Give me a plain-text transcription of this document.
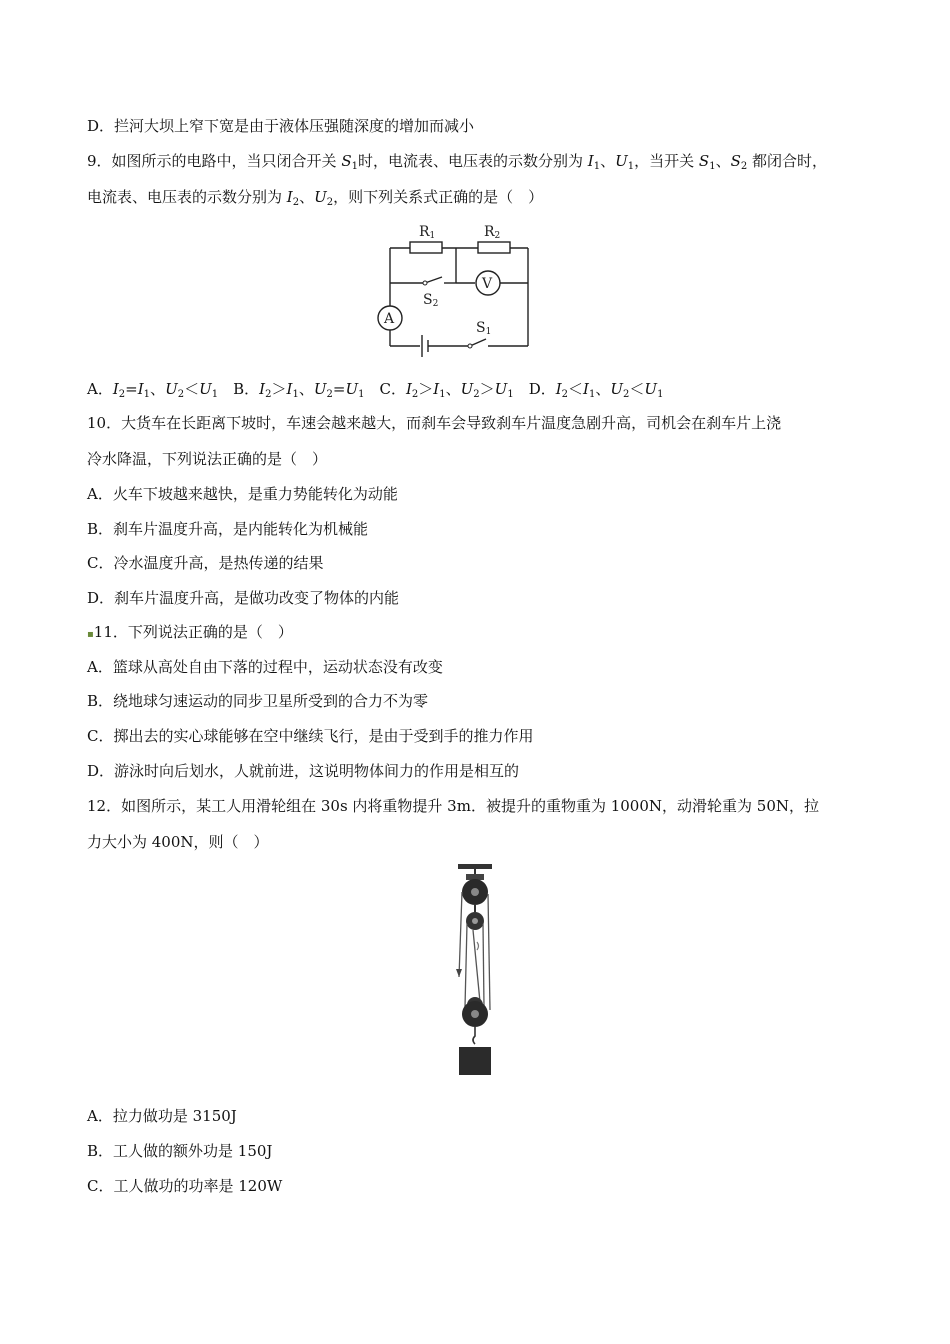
D．拦河大坝上窄下宽是由于液体压强随深度的增加而减小
9．如图所示的电路中，当只闭合开关 $S_1$时，电流表、电压表的示数分别为 $I_1$、$U_1$，当开关 $S_1$、$S_2$ 都闭合时，
电流表、电压表的示数分别为 $I_2$、$U_2$，则下列关系式正确的是（　）
R1	R2
V
A
S2
S1
A．$I_2=I_1$、$U_2<U_1$　B．$I_2>I_1$、$U_2=U_1$　C．$I_2>I_1$、$U_2>U_1$　D．$I_2<I_1$、$U_2<U_1$
10．大货车在长距离下坡时，车速会越来越大，而刹车会导致刹车片温度急剧升高，司机会在刹车片上浇
冷水降温，下列说法正确的是（　）
A．火车下坡越来越快，是重力势能转化为动能
B．刹车片温度升高，是内能转化为机械能
C．冷水温度升高，是热传递的结果
D．刹车片温度升高，是做功改变了物体的内能
▪11．下列说法正确的是（　）
A．篮球从高处自由下落的过程中，运动状态没有改变
B．绕地球匀速运动的同步卫星所受到的合力不为零
C．掷出去的实心球能够在空中继续飞行，是由于受到手的推力作用
D．游泳时向后划水，人就前进，这说明物体间力的作用是相互的
12．如图所示，某工人用滑轮组在 30s 内将重物提升 3m．被提升的重物重为 1000N，动滑轮重为 50N，拉
力大小为 400N，则（　）
A．拉力做功是 3150J
B．工人做的额外功是 150J
C．工人做功的功率是 120W
